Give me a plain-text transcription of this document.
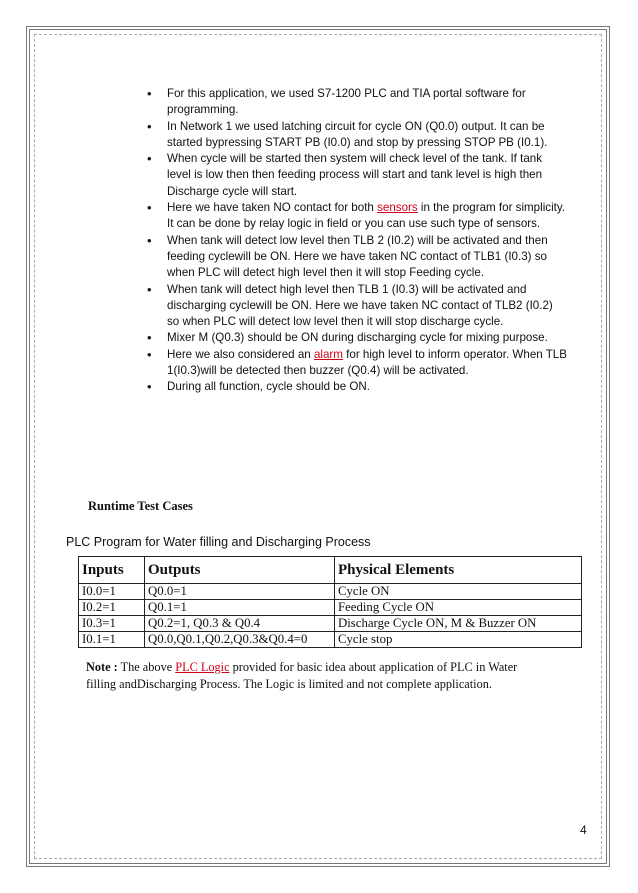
• For this application, we used S7-1200 PLC and TIA portal software for programming.
• In Network 1 we used latching circuit for cycle ON (Q0.0) output. It can be started bypressing START PB (I0.0) and stop by pressing STOP PB (I0.1).
• When cycle will be started then system will check level of the tank. If tank level is low then then feeding process will start and tank level is high then Discharge cycle will start.
• Here we have taken NO contact for both sensors in the program for simplicity. It can be done by relay logic in field or you can use such type of sensors.
• When tank will detect low level then TLB 2 (I0.2) will be activated and then feeding cyclewill be ON. Here we have taken NC contact of TLB1 (I0.3) so when PLC will detect high level then it will stop Feeding cycle.
• When tank will detect high level then TLB 1 (I0.3) will be activated and discharging cyclewill be ON. Here we have taken NC contact of TLB2 (I0.2) so when PLC will detect low level then it will stop discharge cycle.
• Mixer M (Q0.3) should be ON during discharging cycle for mixing purpose.
• Here we also considered an alarm for high level to inform operator. When TLB 1(I0.3)will be detected then buzzer (Q0.4) will be activated.
• During all function, cycle should be ON.
Runtime Test Cases
PLC Program for Water filling and Discharging Process
Inputs	Outputs	Physical Elements
I0.0=1	Q0.0=1	Cycle ON
I0.2=1	Q0.1=1	Feeding Cycle ON
I0.3=1	Q0.2=1, Q0.3 & Q0.4	Discharge Cycle ON, M & Buzzer ON
I0.1=1	Q0.0,Q0.1,Q0.2,Q0.3&Q0.4=0	Cycle stop
Note : The above PLC Logic provided for basic idea about application of PLC in Water filling andDischarging Process. The Logic is limited and not complete application.
4
